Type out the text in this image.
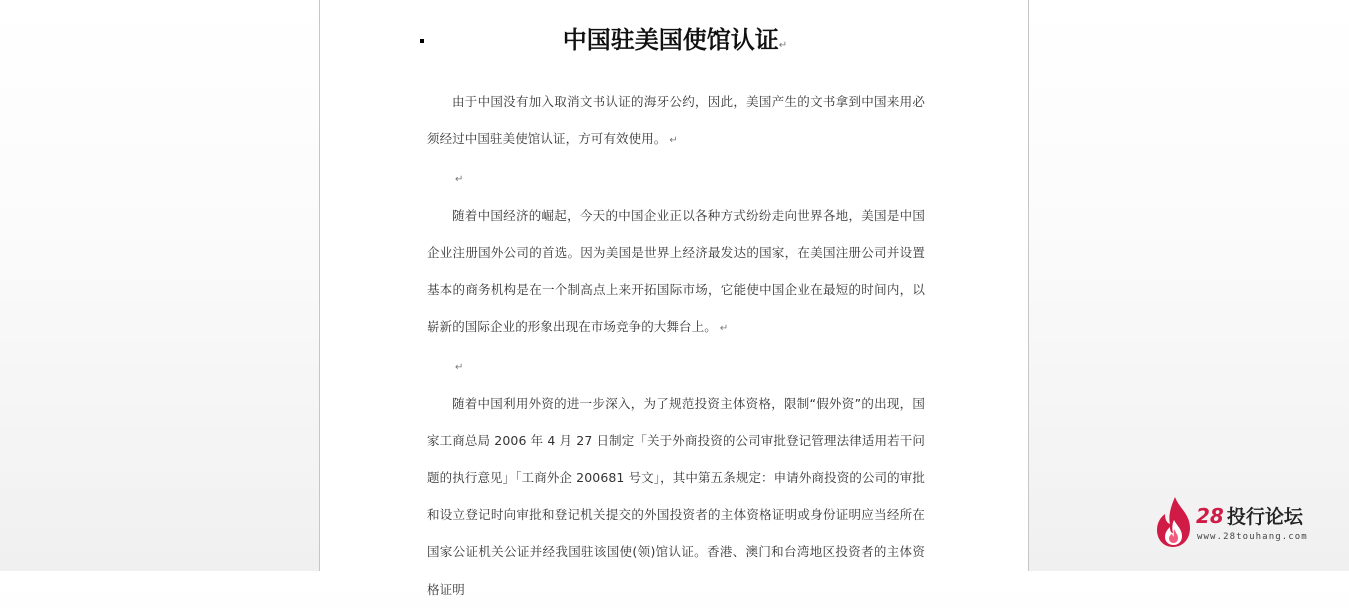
中国驻美国使馆认证↵

由于中国没有加入取消文书认证的海牙公约，因此，美国产生的文书拿到中国来用必须经过中国驻美使馆认证，方可有效使用。 ↵

↵

随着中国经济的崛起，今天的中国企业正以各种方式纷纷走向世界各地，美国是中国企业注册国外公司的首选。因为美国是世界上经济最发达的国家，在美国注册公司并设置基本的商务机构是在一个制高点上来开拓国际市场，它能使中国企业在最短的时间内，以崭新的国际企业的形象出现在市场竞争的大舞台上。 ↵

↵

随着中国利用外资的进一步深入，为了规范投资主体资格，限制“假外资”的出现，国家工商总局 2006 年 4 月 27 日制定「关于外商投资的公司审批登记管理法律适用若干问题的执行意见」「工商外企 200681 号文」，其中第五条规定：申请外商投资的公司的审批和设立登记时向审批和登记机关提交的外国投资者的主体资格证明或身份证明应当经所在国家公证机关公证并经我国驻该国使(领)馆认证。香港、澳门和台湾地区投资者的主体资格证明

28 投行论坛
www.28touhang.com
